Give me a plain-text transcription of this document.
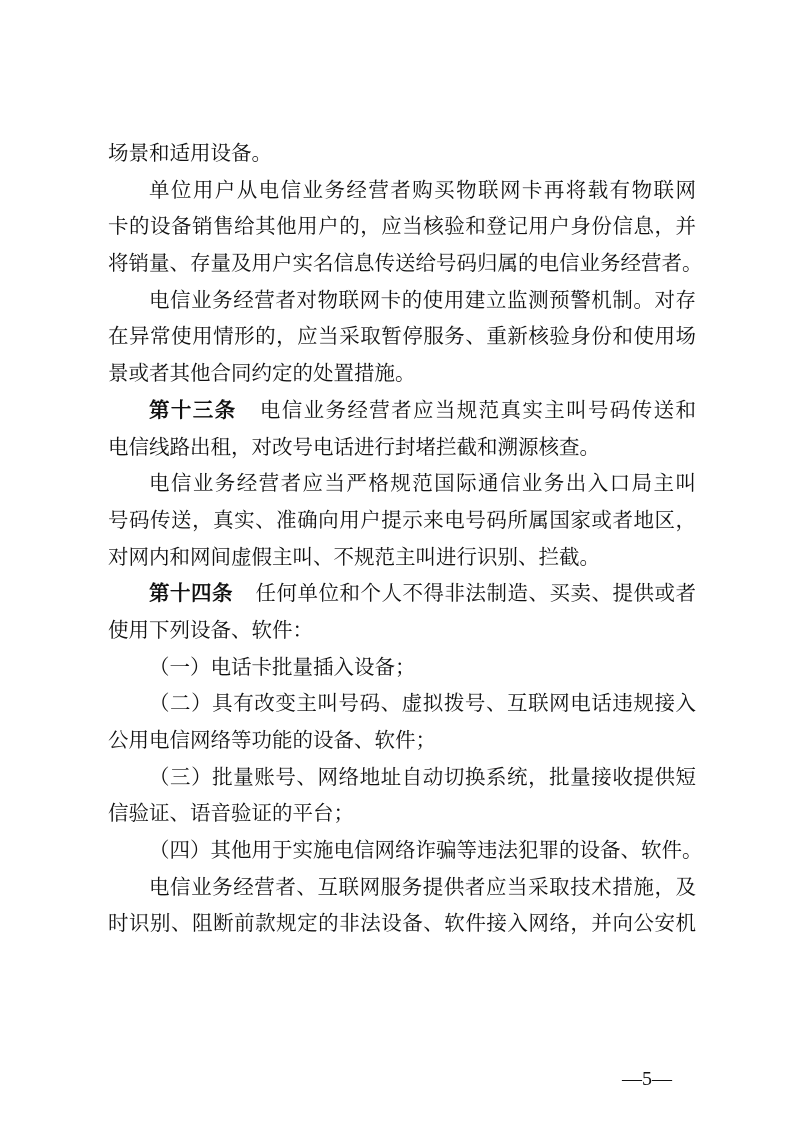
场景和适用设备。
单位用户从电信业务经营者购买物联网卡再将载有物联网
卡的设备销售给其他用户的，应当核验和登记用户身份信息，并
将销量、存量及用户实名信息传送给号码归属的电信业务经营者。
电信业务经营者对物联网卡的使用建立监测预警机制。对存
在异常使用情形的，应当采取暂停服务、重新核验身份和使用场
景或者其他合同约定的处置措施。
第十三条 电信业务经营者应当规范真实主叫号码传送和
电信线路出租，对改号电话进行封堵拦截和溯源核查。
电信业务经营者应当严格规范国际通信业务出入口局主叫
号码传送，真实、准确向用户提示来电号码所属国家或者地区，
对网内和网间虚假主叫、不规范主叫进行识别、拦截。
第十四条 任何单位和个人不得非法制造、买卖、提供或者
使用下列设备、软件：
（一）电话卡批量插入设备；
（二）具有改变主叫号码、虚拟拨号、互联网电话违规接入
公用电信网络等功能的设备、软件；
（三）批量账号、网络地址自动切换系统，批量接收提供短
信验证、语音验证的平台；
（四）其他用于实施电信网络诈骗等违法犯罪的设备、软件。
电信业务经营者、互联网服务提供者应当采取技术措施，及
时识别、阻断前款规定的非法设备、软件接入网络，并向公安机
—5—
